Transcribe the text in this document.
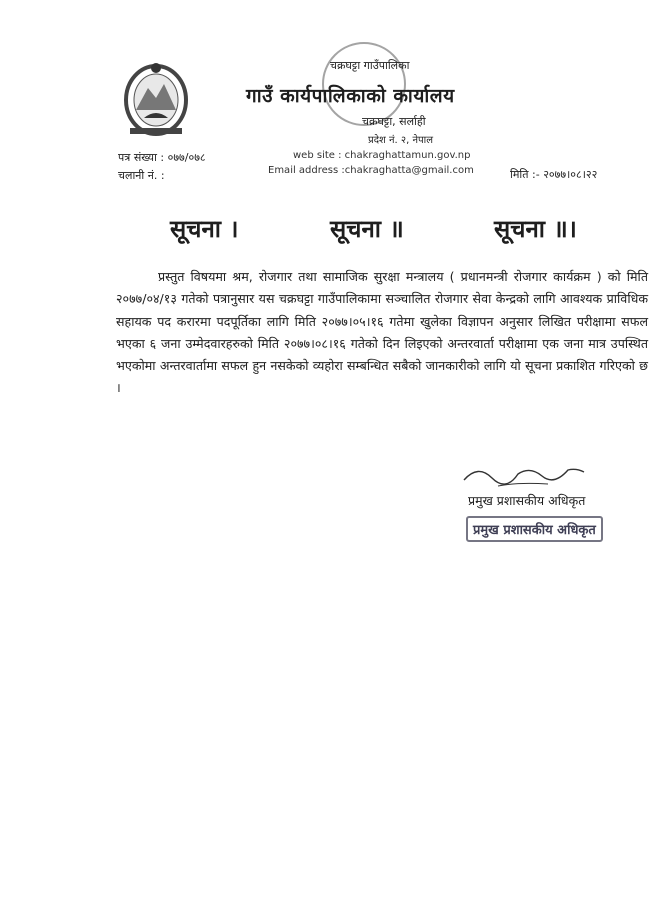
चक्रघट्टा गाउँपालिका
गाउँ कार्यपालिकाको कार्यालय
चक्रघट्टा, सर्लाही
प्रदेश नं. २, नेपाल
पत्र संख्या : ०७७/०७८
चलानी नं. :
web site : chakraghattamun.gov.np
Email address :chakraghatta@gmail.com	मिति :- २०७७।०८।२२
सूचना ।	सूचना ॥	सूचना ॥।
प्रस्तुत विषयमा श्रम, रोजगार तथा सामाजिक सुरक्षा मन्त्रालय ( प्रधानमन्त्री रोजगार कार्यक्रम ) को मिति २०७७/०४/१३ गतेको पत्रानुसार यस चक्रघट्टा गाउँपालिकामा सञ्चालित रोजगार सेवा केन्द्रको लागि आवश्यक प्राविधिक सहायक पद करारमा पदपूर्तिका लागि मिति २०७७।०५।१६ गतेमा खुलेका विज्ञापन अनुसार लिखित परीक्षामा सफल भएका ६ जना उम्मेदवारहरुको मिति २०७७।०८।१६ गतेको दिन लिइएको अन्तरवार्ता परीक्षामा एक जना मात्र उपस्थित भएकोमा अन्तरवार्तामा सफल हुन नसकेको व्यहोरा सम्बन्धित सबैको जानकारीको लागि यो सूचना प्रकाशित गरिएको छ ।
प्रमुख प्रशासकीय अधिकृत
प्रमुख प्रशासकीय अधिकृत
